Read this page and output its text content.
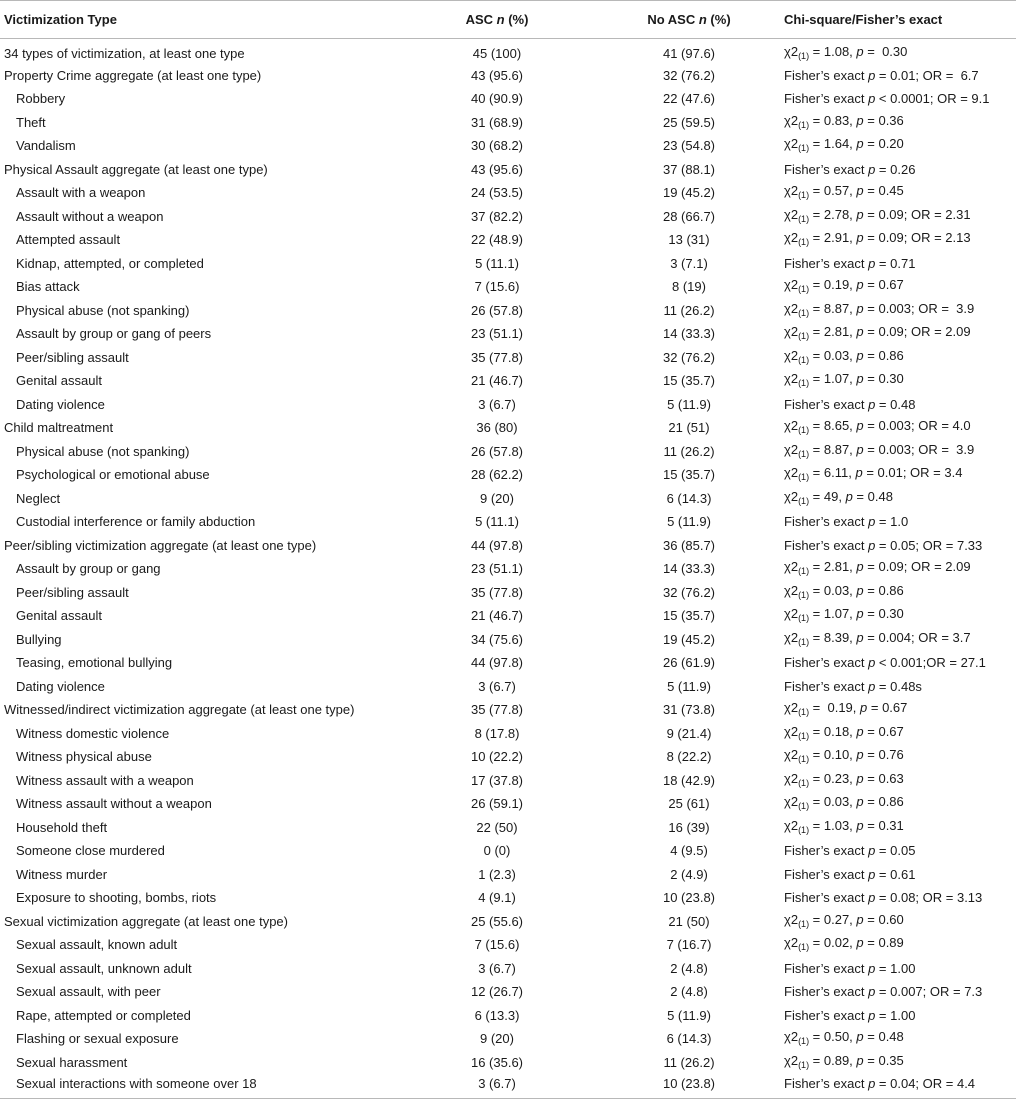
Victimization Type	ASC n (%)	No ASC n (%)	Chi-square/Fisher’s exact
34 types of victimization, at least one type	45 (100)	41 (97.6)	$\chi 2_{(1)} = 1.08$, p =  0.30
Property Crime aggregate (at least one type)	43 (95.6)	32 (76.2)	Fisher’s exact p = 0.01; OR =  6.7
Robbery	40 (90.9)	22 (47.6)	Fisher’s exact p < 0.0001; OR = 9.1
Theft	31 (68.9)	25 (59.5)	$\chi 2_{(1)} = 0.83$, p = 0.36
Vandalism	30 (68.2)	23 (54.8)	$\chi 2_{(1)} = 1.64$, p = 0.20
Physical Assault aggregate (at least one type)	43 (95.6)	37 (88.1)	Fisher’s exact p = 0.26
Assault with a weapon	24 (53.5)	19 (45.2)	$\chi 2_{(1)} = 0.57$, p = 0.45
Assault without a weapon	37 (82.2)	28 (66.7)	$\chi 2_{(1)} = 2.78$, p = 0.09; OR = 2.31
Attempted assault	22 (48.9)	13 (31)	$\chi 2_{(1)} = 2.91$, p = 0.09; OR = 2.13
Kidnap, attempted, or completed	5 (11.1)	3 (7.1)	Fisher’s exact p = 0.71
Bias attack	7 (15.6)	8 (19)	$\chi 2_{(1)} = 0.19$, p = 0.67
Physical abuse (not spanking)	26 (57.8)	11 (26.2)	$\chi 2_{(1)} = 8.87$, p = 0.003; OR =  3.9
Assault by group or gang of peers	23 (51.1)	14 (33.3)	$\chi 2_{(1)} = 2.81$, p = 0.09; OR = 2.09
Peer/sibling assault	35 (77.8)	32 (76.2)	$\chi 2_{(1)} = 0.03$, p = 0.86
Genital assault	21 (46.7)	15 (35.7)	$\chi 2_{(1)} = 1.07$, p = 0.30
Dating violence	3 (6.7)	5 (11.9)	Fisher’s exact p = 0.48
Child maltreatment	36 (80)	21 (51)	$\chi 2_{(1)} = 8.65$, p = 0.003; OR = 4.0
Physical abuse (not spanking)	26 (57.8)	11 (26.2)	$\chi 2_{(1)} = 8.87$, p = 0.003; OR =  3.9
Psychological or emotional abuse	28 (62.2)	15 (35.7)	$\chi 2_{(1)} = 6.11$, p = 0.01; OR = 3.4
Neglect	9 (20)	6 (14.3)	$\chi 2_{(1)} = 49$, p = 0.48
Custodial interference or family abduction	5 (11.1)	5 (11.9)	Fisher’s exact p = 1.0
Peer/sibling victimization aggregate (at least one type)	44 (97.8)	36 (85.7)	Fisher’s exact p = 0.05; OR = 7.33
Assault by group or gang	23 (51.1)	14 (33.3)	$\chi 2_{(1)} = 2.81$, p = 0.09; OR = 2.09
Peer/sibling assault	35 (77.8)	32 (76.2)	$\chi 2_{(1)} = 0.03$, p = 0.86
Genital assault	21 (46.7)	15 (35.7)	$\chi 2_{(1)} = 1.07$, p = 0.30
Bullying	34 (75.6)	19 (45.2)	$\chi 2_{(1)} = 8.39$, p = 0.004; OR = 3.7
Teasing, emotional bullying	44 (97.8)	26 (61.9)	Fisher’s exact p < 0.001;OR = 27.1
Dating violence	3 (6.7)	5 (11.9)	Fisher’s exact p = 0.48s
Witnessed/indirect victimization aggregate (at least one type)	35 (77.8)	31 (73.8)	$\chi 2_{(1)} = 0.19$, p = 0.67
Witness domestic violence	8 (17.8)	9 (21.4)	$\chi 2_{(1)} = 0.18$, p = 0.67
Witness physical abuse	10 (22.2)	8 (22.2)	$\chi 2_{(1)} = 0.10$, p = 0.76
Witness assault with a weapon	17 (37.8)	18 (42.9)	$\chi 2_{(1)} = 0.23$, p = 0.63
Witness assault without a weapon	26 (59.1)	25 (61)	$\chi 2_{(1)} = 0.03$, p = 0.86
Household theft	22 (50)	16 (39)	$\chi 2_{(1)} = 1.03$, p = 0.31
Someone close murdered	0 (0)	4 (9.5)	Fisher’s exact p = 0.05
Witness murder	1 (2.3)	2 (4.9)	Fisher’s exact p = 0.61
Exposure to shooting, bombs, riots	4 (9.1)	10 (23.8)	Fisher’s exact p = 0.08; OR = 3.13
Sexual victimization aggregate (at least one type)	25 (55.6)	21 (50)	$\chi 2_{(1)} = 0.27$, p = 0.60
Sexual assault, known adult	7 (15.6)	7 (16.7)	$\chi 2_{(1)} = 0.02$, p = 0.89
Sexual assault, unknown adult	3 (6.7)	2 (4.8)	Fisher’s exact p = 1.00
Sexual assault, with peer	12 (26.7)	2 (4.8)	Fisher’s exact p = 0.007; OR = 7.3
Rape, attempted or completed	6 (13.3)	5 (11.9)	Fisher’s exact p = 1.00
Flashing or sexual exposure	9 (20)	6 (14.3)	$\chi 2_{(1)} = 0.50$, p = 0.48
Sexual harassment	16 (35.6)	11 (26.2)	$\chi 2_{(1)} = 0.89$, p = 0.35
Sexual interactions with someone over 18	3 (6.7)	10 (23.8)	Fisher’s exact p = 0.04; OR = 4.4
